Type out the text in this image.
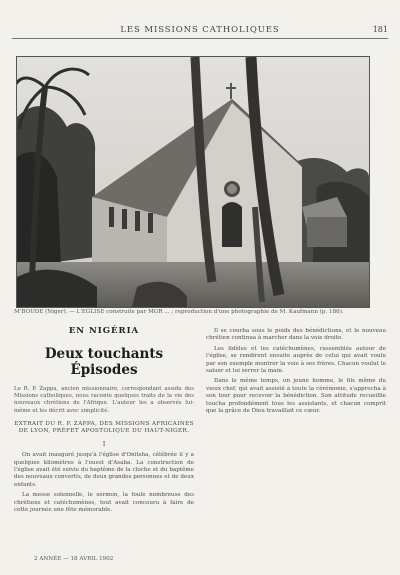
LES MISSIONS CATHOLIQUES	181
M'BOUDÈ (Niger). — L'ÉGLISE construite par MGR ... ; reproduction d'une photographie de M. Kaufmann (p. 186).
EN NIGÉRIA
Deux touchants Épisodes
Le R. P. Zappa, ancien missionnaire, correspondant assidu des Missions catholiques, nous raconte quelques traits de la vie des nouveaux chrétiens de l'Afrique. L'auteur les a observés lui-même et les décrit avec simplicité.
EXTRAIT DU R. P. ZAPPA, DES MISSIONS AFRICAINES DE LYON, PRÉFET APOSTOLIQUE DU HAUT-NIGER.
I

On avait inauguré jusqu'à l'église d'Onitsha, célébrée il y a quelques kilomètres à l'ouest d'Asaba. La construction de l'église avait été suivie du baptême de la cloche et du baptême des nouveaux convertis, de deux grandes personnes et de deux enfants.

La messe solennelle, le sermon, la foule nombreuse des chrétiens et catéchumènes, tout avait concouru à faire de cette journée une fête mémorable.

Il se courba sous le poids des bénédictions, et le nouveau chrétien continua à marcher dans la voie droite.

Les fidèles et les catéchumènes, rassemblés autour de l'église, se rendirent ensuite auprès de celui qui avait voulu par son exemple montrer la voie à ses frères. Chacun voulut le saluer et lui serrer la main.

Dans le même temps, un jeune homme, le fils même du vieux chef, qui avait assisté à toute la cérémonie, s'approcha à son tour pour recevoir la bénédiction. Son attitude recueillie toucha profondément tous les assistants, et chacun comprit que la grâce de Dieu travaillait ce cœur.

2 ANNÉE — 18 AVRIL 1902
